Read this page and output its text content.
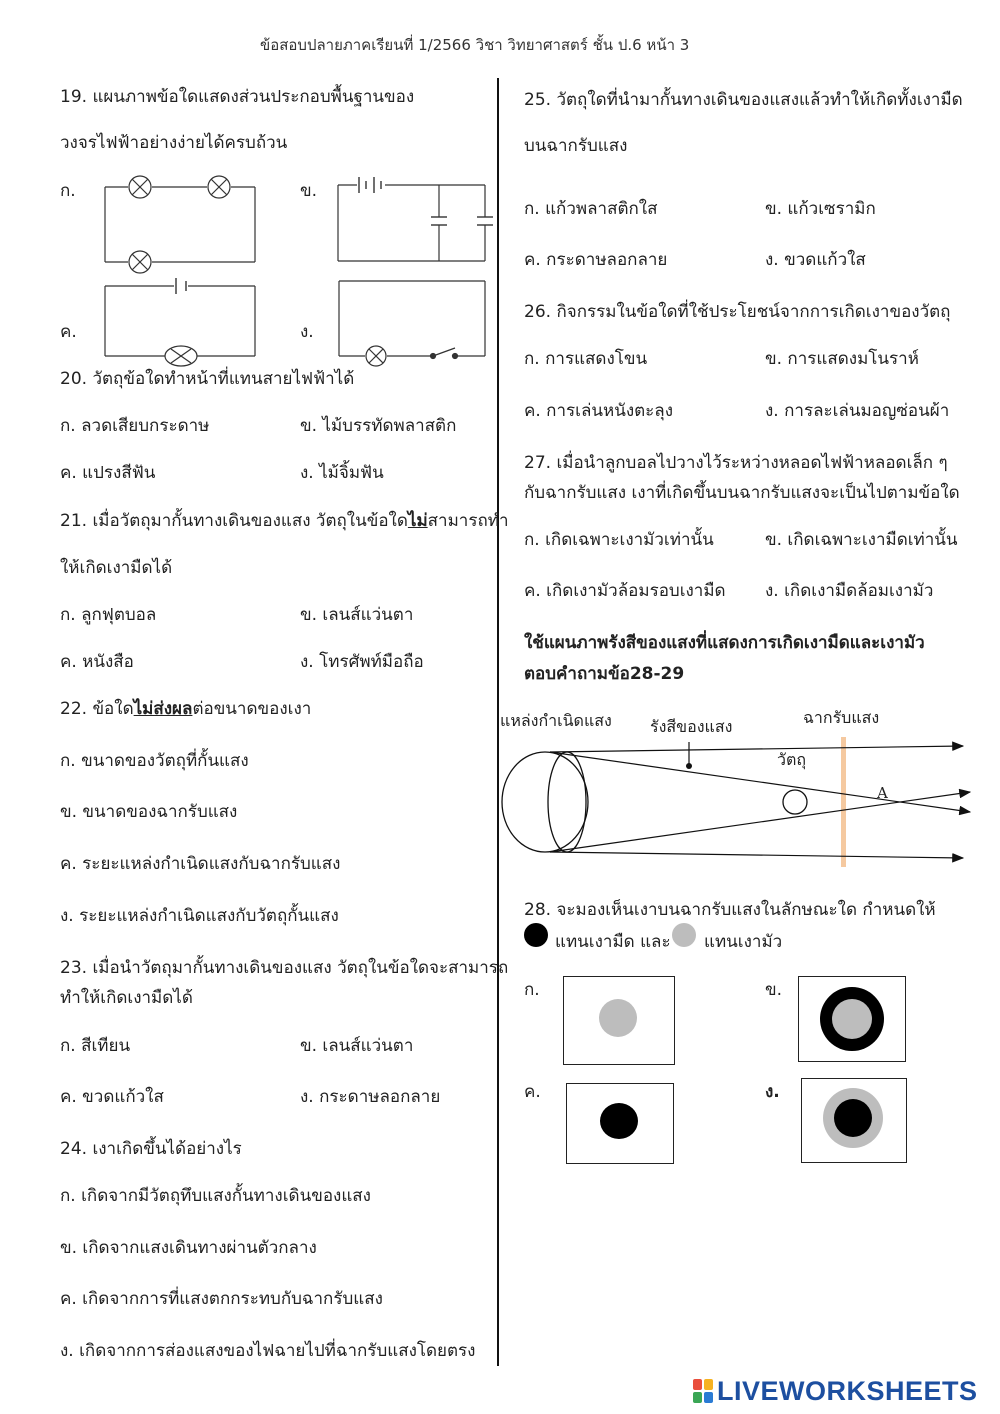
ข้อสอบปลายภาคเรียนที่ 1/2566 วิชา วิทยาศาสตร์ ชั้น ป.6 หน้า 3
19. แผนภาพข้อใดแสดงส่วนประกอบพื้นฐานของ
วงจรไฟฟ้าอย่างง่ายได้ครบถ้วน
ก.	ข.
ค.	ง.
20. วัตถุข้อใดทำหน้าที่แทนสายไฟฟ้าได้
ก. ลวดเสียบกระดาษ	ข. ไม้บรรทัดพลาสติก
ค. แปรงสีฟัน	ง. ไม้จิ้มฟัน
21. เมื่อวัตถุมากั้นทางเดินของแสง วัตถุในข้อใดไม่สามารถทำ
ให้เกิดเงามืดได้
ก. ลูกฟุตบอล	ข. เลนส์แว่นตา
ค. หนังสือ	ง. โทรศัพท์มือถือ
22. ข้อใดไม่ส่งผลต่อขนาดของเงา
ก. ขนาดของวัตถุที่กั้นแสง
ข. ขนาดของฉากรับแสง
ค. ระยะแหล่งกำเนิดแสงกับฉากรับแสง
ง. ระยะแหล่งกำเนิดแสงกับวัตถุกั้นแสง
23. เมื่อนำวัตถุมากั้นทางเดินของแสง วัตถุในข้อใดจะสามารถ
ทำให้เกิดเงามืดได้
ก. สีเทียน	ข. เลนส์แว่นตา
ค. ขวดแก้วใส	ง. กระดาษลอกลาย
24. เงาเกิดขึ้นได้อย่างไร
ก. เกิดจากมีวัตถุทึบแสงกั้นทางเดินของแสง
ข. เกิดจากแสงเดินทางผ่านตัวกลาง
ค. เกิดจากการที่แสงตกกระทบกับฉากรับแสง
ง. เกิดจากการส่องแสงของไฟฉายไปที่ฉากรับแสงโดยตรง
25. วัตถุใดที่นำมากั้นทางเดินของแสงแล้วทำให้เกิดทั้งเงามืด
บนฉากรับแสง
ก. แก้วพลาสติกใส	ข. แก้วเซรามิก
ค. กระดาษลอกลาย	ง. ขวดแก้วใส
26. กิจกรรมในข้อใดที่ใช้ประโยชน์จากการเกิดเงาของวัตถุ
ก. การแสดงโขน	ข. การแสดงมโนราห์
ค. การเล่นหนังตะลุง	ง. การละเล่นมอญซ่อนผ้า
27. เมื่อนำลูกบอลไปวางไว้ระหว่างหลอดไฟฟ้าหลอดเล็ก ๆ
กับฉากรับแสง เงาที่เกิดขึ้นบนฉากรับแสงจะเป็นไปตามข้อใด
ก. เกิดเฉพาะเงามัวเท่านั้น	ข. เกิดเฉพาะเงามืดเท่านั้น
ค. เกิดเงามัวล้อมรอบเงามืด ง. เกิดเงามืดล้อมเงามัว
ใช้แผนภาพรังสีของแสงที่แสดงการเกิดเงามืดและเงามัว
ตอบคำถามข้อ28-29
แหล่งกำเนิดแสง รังสีของแสง	ฉากรับแสง
วัตถุ
A
28. จะมองเห็นเงาบนฉากรับแสงในลักษณะใด กำหนดให้
แทนเงามืด และ แทนเงามัว
ก.	ข.
ค.	ง.
LIVEWORKSHEETS
